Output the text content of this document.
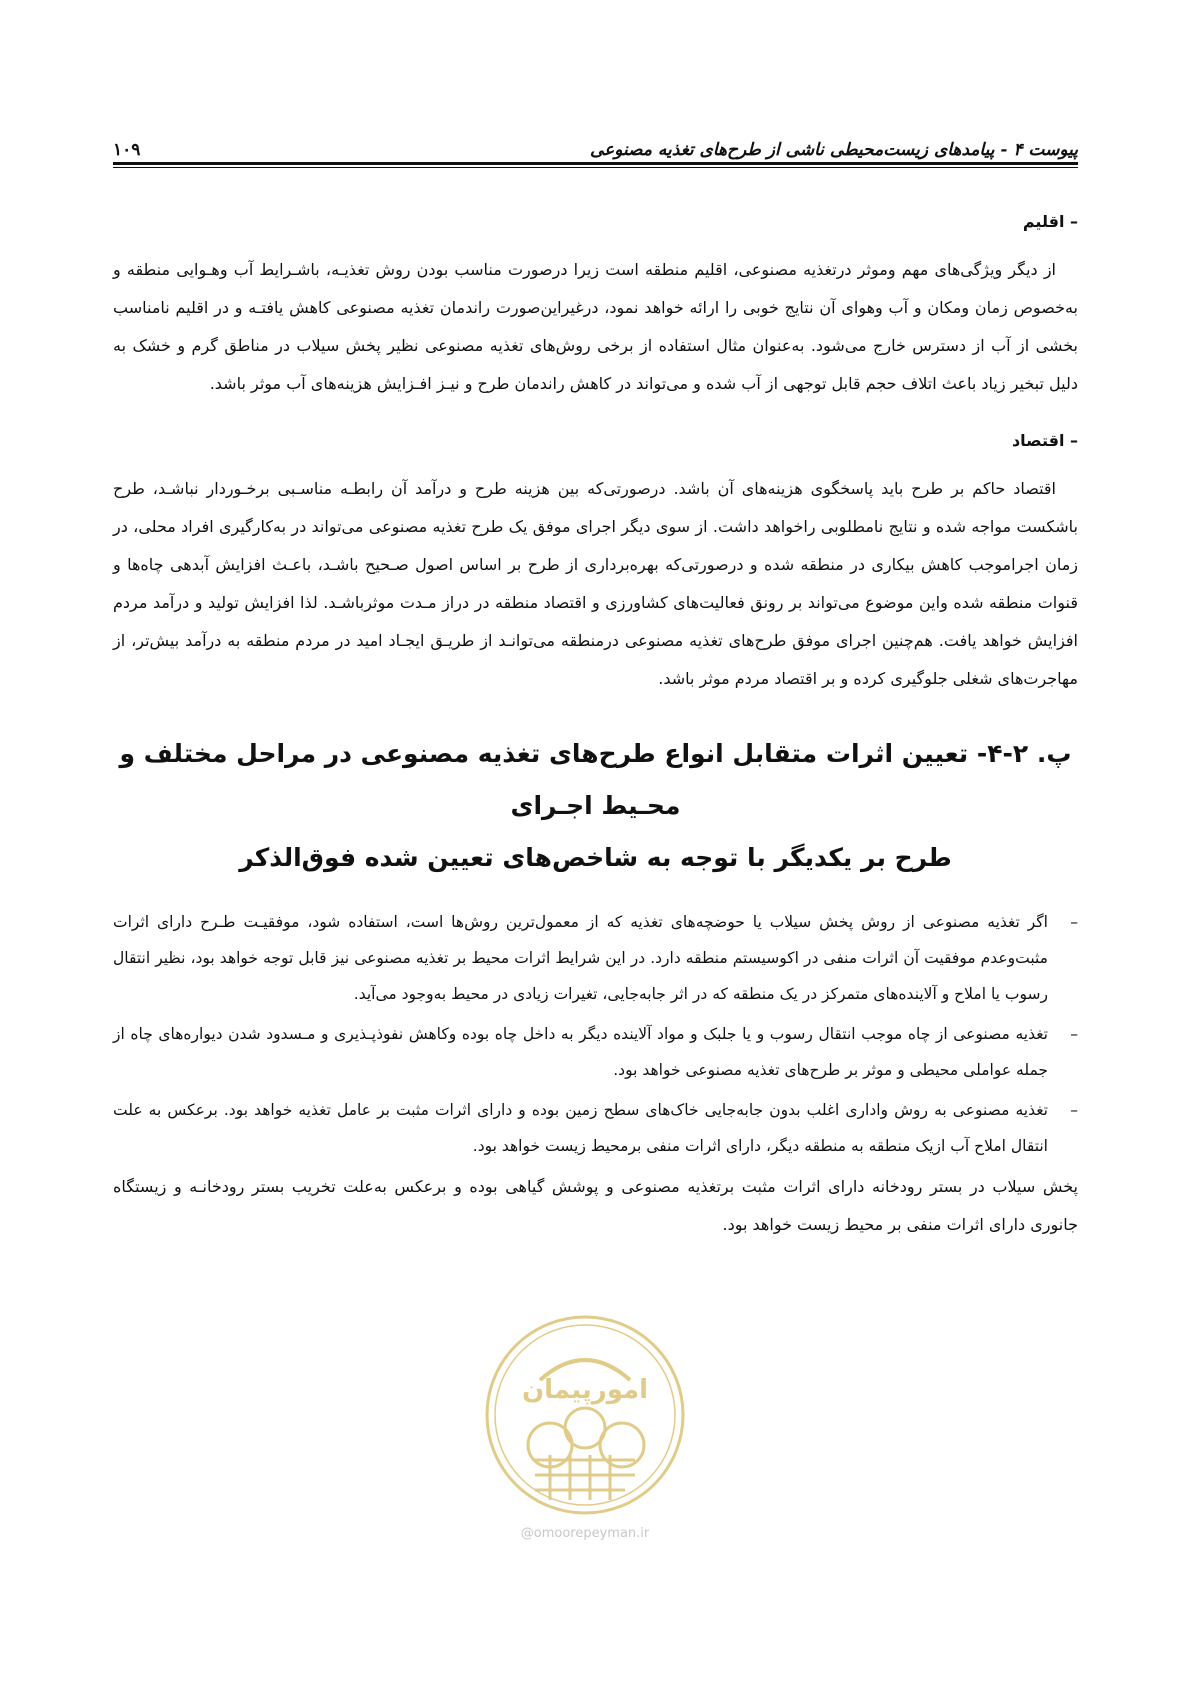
پیوست ۴ - پیامدهای زیست‌محیطی ناشی از طرح‌های تغذیه مصنوعی
۱۰۹
– اقلیم

از دیگر ویژگی‌های مهم وموثر درتغذیه مصنوعی، اقلیم منطقه است زیرا درصورت مناسب بودن روش تغذیـه، باشـرایط آب وهـوایی منطقه و به‌خصوص زمان ومکان و آب وهوای آن نتایج خوبی را ارائه خواهد نمود، درغیراین‌صورت راندمان تغذیه مصنوعی کاهش یافتـه و در اقلیم نامناسب بخشی از آب از دسترس خارج می‌شود. به‌عنوان مثال استفاده از برخی روش‌های تغذیه مصنوعی نظیر پخش سیلاب در مناطق گرم و خشک به دلیل تبخیر زیاد باعث اتلاف حجم قابل توجهی از آب شده و می‌تواند در کاهش راندمان طرح و نیـز افـزایش هزینه‌های آب موثر باشد.

– اقتصاد

اقتصاد حاکم بر طرح باید پاسخگوی هزینه‌های آن باشد. درصورتی‌که بین هزینه طرح و درآمد آن رابطـه مناسـبی برخـوردار نباشـد، طرح باشکست مواجه شده و نتایج نامطلوبی راخواهد داشت. از سوی دیگر اجرای موفق یک طرح تغذیه مصنوعی می‌تواند در به‌کارگیری افراد محلی، در زمان اجراموجب کاهش بیکاری در منطقه شده و درصورتی‌که بهره‌برداری از طرح بر اساس اصول صـحیح باشـد، باعـث افزایش آبدهی چاه‌ها و قنوات منطقه شده واین موضوع می‌تواند بر رونق فعالیت‌های کشاورزی و اقتصاد منطقه در دراز مـدت موثرباشـد. لذا افزایش تولید و درآمد مردم افزایش خواهد یافت. هم‌چنین اجرای موفق طرح‌های تغذیه مصنوعی درمنطقه می‌توانـد از طریـق ایجـاد امید در مردم منطقه به درآمد بیش‌تر، از مهاجرت‌های شغلی جلوگیری کرده و بر اقتصاد مردم موثر باشد.

پ. ۲-۴- تعیین اثرات متقابل انواع طرح‌های تغذیه مصنوعی در مراحل مختلف و محـیط اجـرای
طرح بر یکدیگر با توجه به شاخص‌های تعیین شده فوق‌الذکر
–
اگر تغذیه مصنوعی از روش پخش سیلاب یا حوضچه‌های تغذیه که از معمول‌ترین روش‌ها است، استفاده شود، موفقیـت طـرح دارای اثرات مثبت‌وعدم موفقیت آن اثرات منفی در اکوسیستم منطقه دارد. در این شرایط اثرات محیط بر تغذیه مصنوعی نیز قابل توجه خواهد بود، نظیر انتقال رسوب یا املاح و آلاینده‌های متمرکز در یک منطقه که در اثر جابه‌جایی، تغیرات زیادی در محیط به‌وجود می‌آید.
–
تغذیه مصنوعی از چاه موجب انتقال رسوب و یا جلبک و مواد آلاینده دیگر به داخل چاه بوده وکاهش نفوذپـذیری و مـسدود شدن دیواره‌های چاه از جمله عواملی محیطی و موثر بر طرح‌های تغذیه مصنوعی خواهد بود.
–
تغذیه مصنوعی به روش واداری اغلب بدون جابه‌جایی خاک‌های سطح زمین بوده و دارای اثرات مثبت بر عامل تغذیه خواهد بود. برعکس به علت انتقال املاح آب ازیک منطقه به منطقه دیگر، دارای اثرات منفی برمحیط زیست خواهد بود.

پخش سیلاب در بستر رودخانه دارای اثرات مثبت برتغذیه مصنوعی و پوشش گیاهی بوده و برعکس به‌علت تخریب بستر رودخانـه و زیستگاه جانوری دارای اثرات منفی بر محیط زیست خواهد بود.

امورپیمان
@omoorepeyman.ir
